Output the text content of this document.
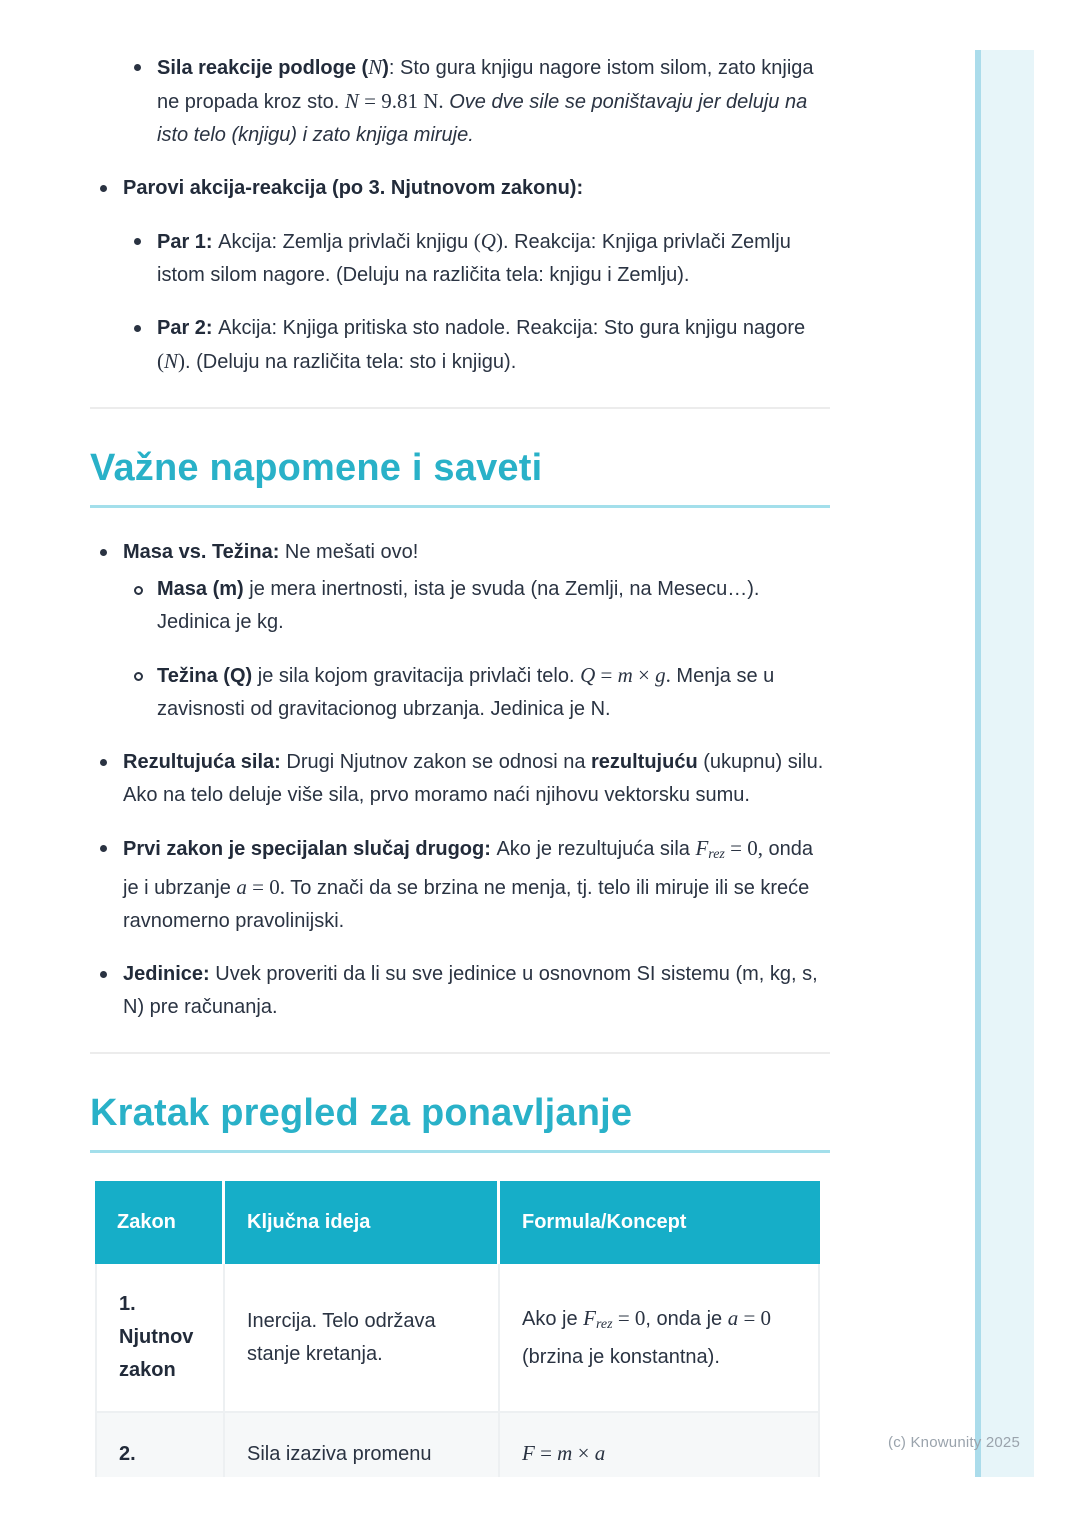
(c) Knowunity 2025
Sila reakcije podloge (N): Sto gura knjigu nagore istom silom, zato knjiga ne propada kroz sto. N = 9.81 N. Ove dve sile se poništavaju jer deluju na isto telo (knjigu) i zato knjiga miruje.
Parovi akcija-reakcija (po 3. Njutnovom zakonu):
Par 1: Akcija: Zemlja privlači knjigu (Q). Reakcija: Knjiga privlači Zemlju istom silom nagore. (Deluju na različita tela: knjigu i Zemlju).
Par 2: Akcija: Knjiga pritiska sto nadole. Reakcija: Sto gura knjigu nagore (N). (Deluju na različita tela: sto i knjigu).
Važne napomene i saveti
Masa vs. Težina: Ne mešati ovo!
Masa (m) je mera inertnosti, ista je svuda (na Zemlji, na Mesecu…). Jedinica je kg.
Težina (Q) je sila kojom gravitacija privlači telo. Q = m × g. Menja se u zavisnosti od gravitacionog ubrzanja. Jedinica je N.
Rezultujuća sila: Drugi Njutnov zakon se odnosi na rezultujuću (ukupnu) silu. Ako na telo deluje više sila, prvo moramo naći njihovu vektorsku sumu.
Prvi zakon je specijalan slučaj drugog: Ako je rezultujuća sila Frez = 0, onda je i ubrzanje a = 0. To znači da se brzina ne menja, tj. telo ili miruje ili se kreće ravnomerno pravolinijski.
Jedinice: Uvek proveriti da li su sve jedinice u osnovnom SI sistemu (m, kg, s, N) pre računanja.
Kratak pregled za ponavljanje
Zakon	Ključna ideja	Formula/Koncept
1. Njutnov zakon	Inercija. Telo održava stanje kretanja.	Ako je Frez = 0, onda je a = 0 (brzina je konstantna).
2.	Sila izaziva promenu	F = m × a
